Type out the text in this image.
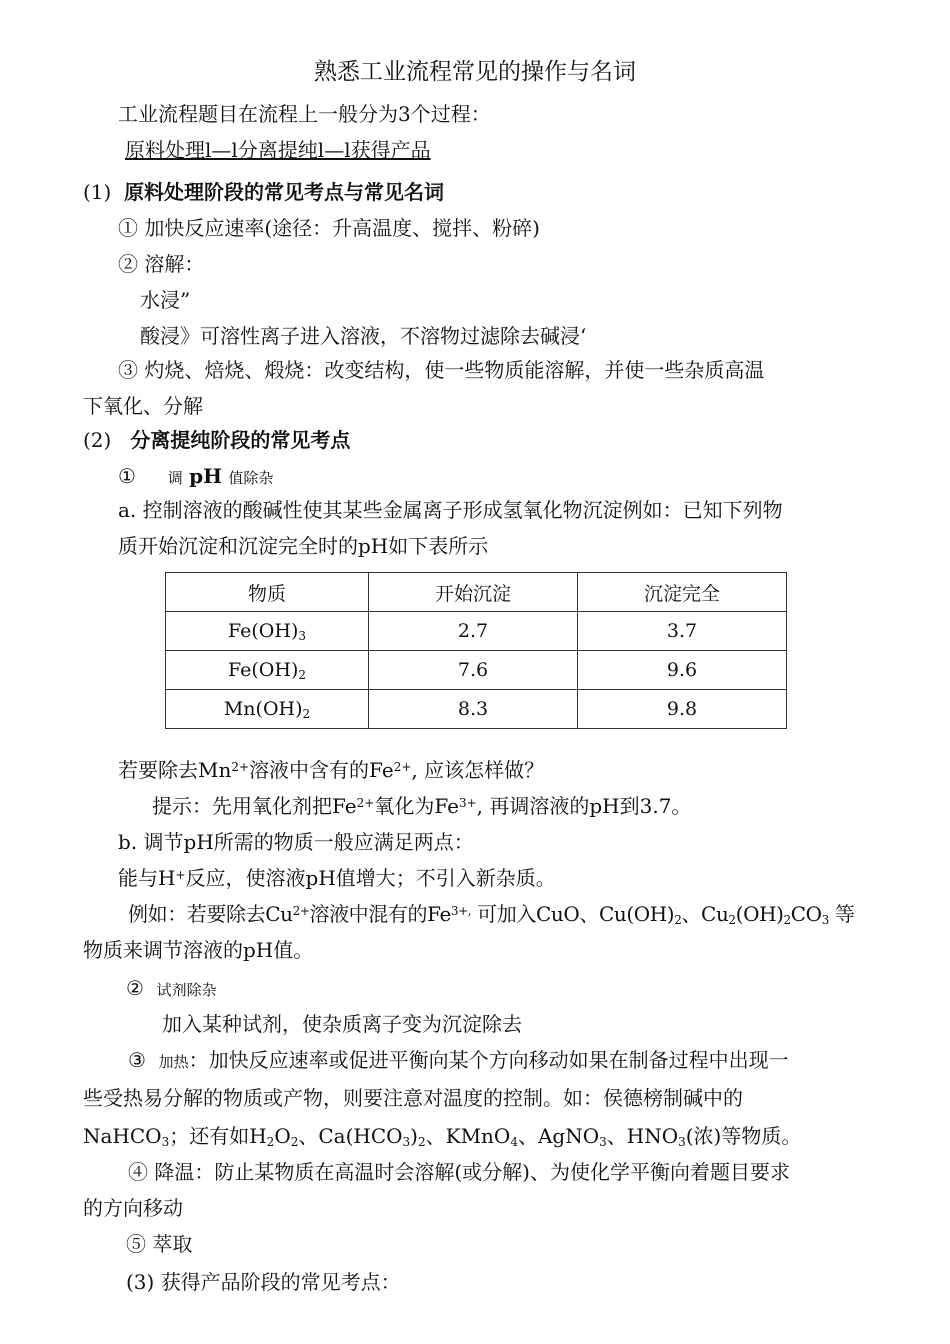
熟悉工业流程常见的操作与名词
工业流程题目在流程上一般分为3个过程：
原料处理l—l分离提纯l—l获得产品
(1) 原料处理阶段的常见考点与常见名词
① 加快反应速率(途径：升高温度、搅拌、粉碎)
② 溶解：
水浸”
酸浸》可溶性离子进入溶液，不溶物过滤除去碱浸‘
③ 灼烧、焙烧、煅烧：改变结构，使一些物质能溶解，并使一些杂质高温
下氧化、分解
(2) 分离提纯阶段的常见考点
① 调 pH 值除杂
a. 控制溶液的酸碱性使其某些金属离子形成氢氧化物沉淀例如：已知下列物
质开始沉淀和沉淀完全时的pH如下表所示
物质	开始沉淀	沉淀完全
$Fe(OH)_3$	2.7	3.7
$Fe(OH)_2$	7.6	9.6
$Mn(OH)_2$	8.3	9.8
若要除去$Mn^{2+}$溶液中含有的$Fe^{2+}$, 应该怎样做？
提示：先用氧化剂把$Fe^{2+}$氧化为$Fe^{3+}$, 再调溶液的pH到3.7。
b. 调节pH所需的物质一般应满足两点：
能与H+反应，使溶液pH值增大；不引入新杂质。
例如：若要除去$Cu^{2+}$溶液中混有的$Fe^{3+,}$ 可加入CuO、$Cu(OH)_2$、$Cu_2(OH)_2CO_3$ 等
物质来调节溶液的pH值。
② 试剂除杂
加入某种试剂，使杂质离子变为沉淀除去
③ 加热：加快反应速率或促进平衡向某个方向移动如果在制备过程中出现一
些受热易分解的物质或产物，则要注意对温度的控制。如：侯德榜制碱中的
NaHCO$_3$；还有如$H_2O_2$、$Ca(HCO_3)_2$、KMnO$_4$、AgNO$_3$、$HNO_3$(浓)等物质。
④ 降温：防止某物质在高温时会溶解(或分解)、为使化学平衡向着题目要求
的方向移动
⑤ 萃取
(3) 获得产品阶段的常见考点：
